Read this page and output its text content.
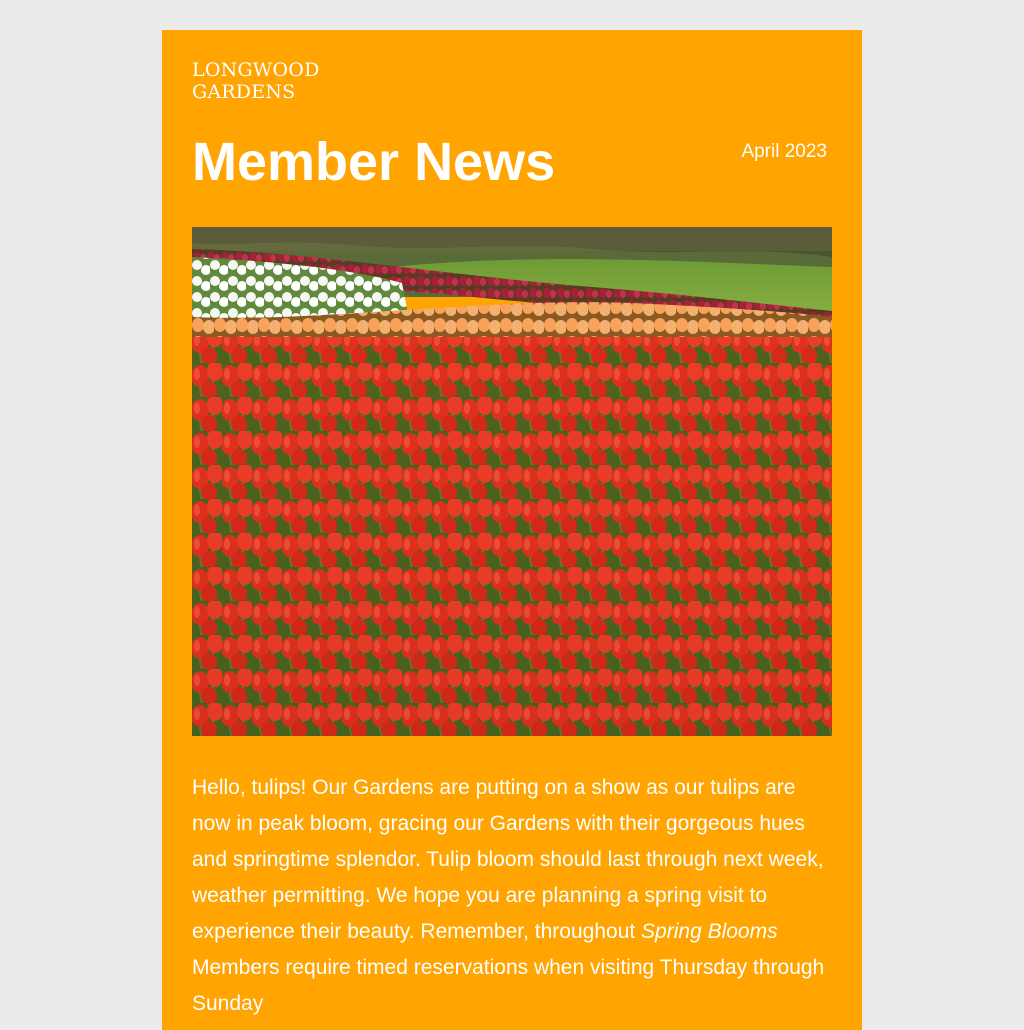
LONGWOOD
GARDENS
Member News	April 2023

Hello, tulips! Our Gardens are putting on a show as our tulips are now in peak bloom, gracing our Gardens with their gorgeous hues and springtime splendor. Tulip bloom should last through next week, weather permitting. We hope you are planning a spring visit to experience their beauty. Remember, throughout Spring Blooms Members require timed reservations when visiting Thursday through Sunday
